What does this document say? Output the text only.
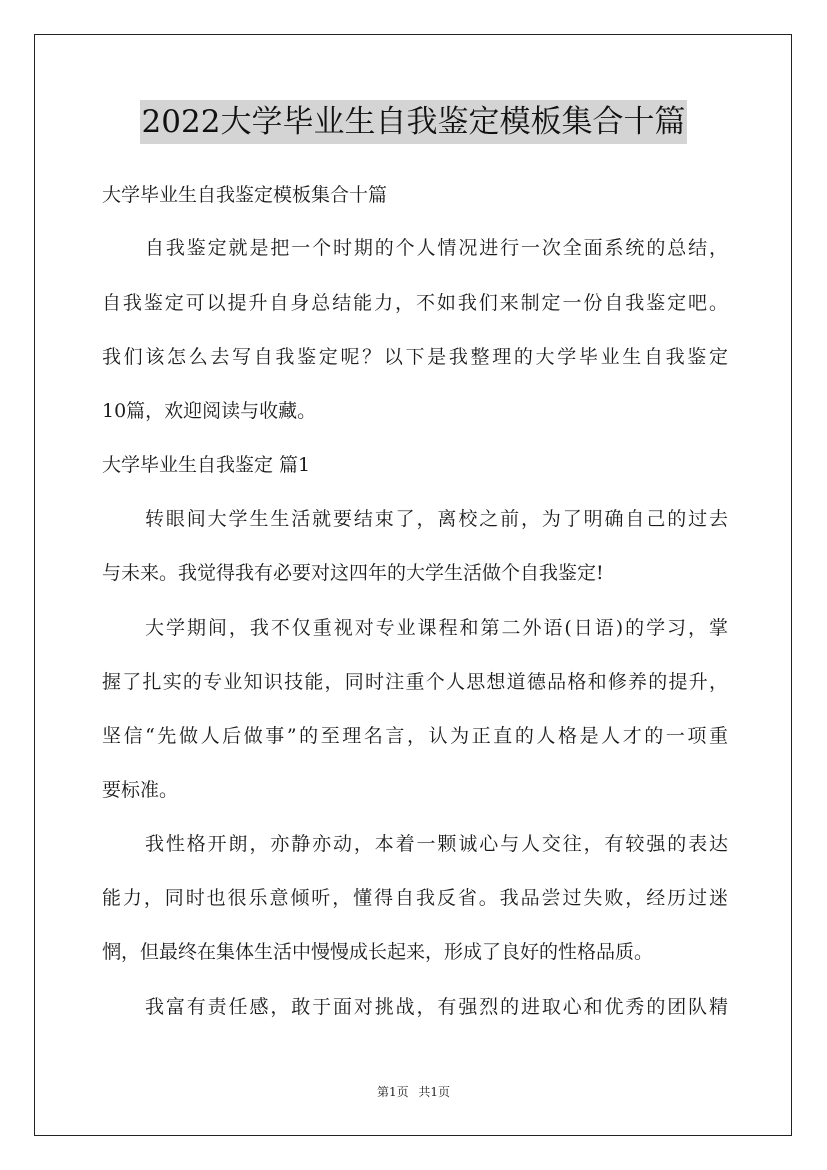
2022大学毕业生自我鉴定模板集合十篇
大学毕业生自我鉴定模板集合十篇
自我鉴定就是把一个时期的个人情况进行一次全面系统的总结，
自我鉴定可以提升自身总结能力，不如我们来制定一份自我鉴定吧。
我们该怎么去写自我鉴定呢？以下是我整理的大学毕业生自我鉴定
10篇，欢迎阅读与收藏。
大学毕业生自我鉴定 篇1
转眼间大学生生活就要结束了，离校之前，为了明确自己的过去
与未来。我觉得我有必要对这四年的大学生活做个自我鉴定!
大学期间，我不仅重视对专业课程和第二外语(日语)的学习，掌
握了扎实的专业知识技能，同时注重个人思想道德品格和修养的提升，
坚信“先做人后做事”的至理名言，认为正直的人格是人才的一项重
要标准。
我性格开朗，亦静亦动，本着一颗诚心与人交往，有较强的表达
能力，同时也很乐意倾听，懂得自我反省。我品尝过失败，经历过迷
惘，但最终在集体生活中慢慢成长起来，形成了良好的性格品质。
我富有责任感，敢于面对挑战，有强烈的进取心和优秀的团队精
第1页 共1页
